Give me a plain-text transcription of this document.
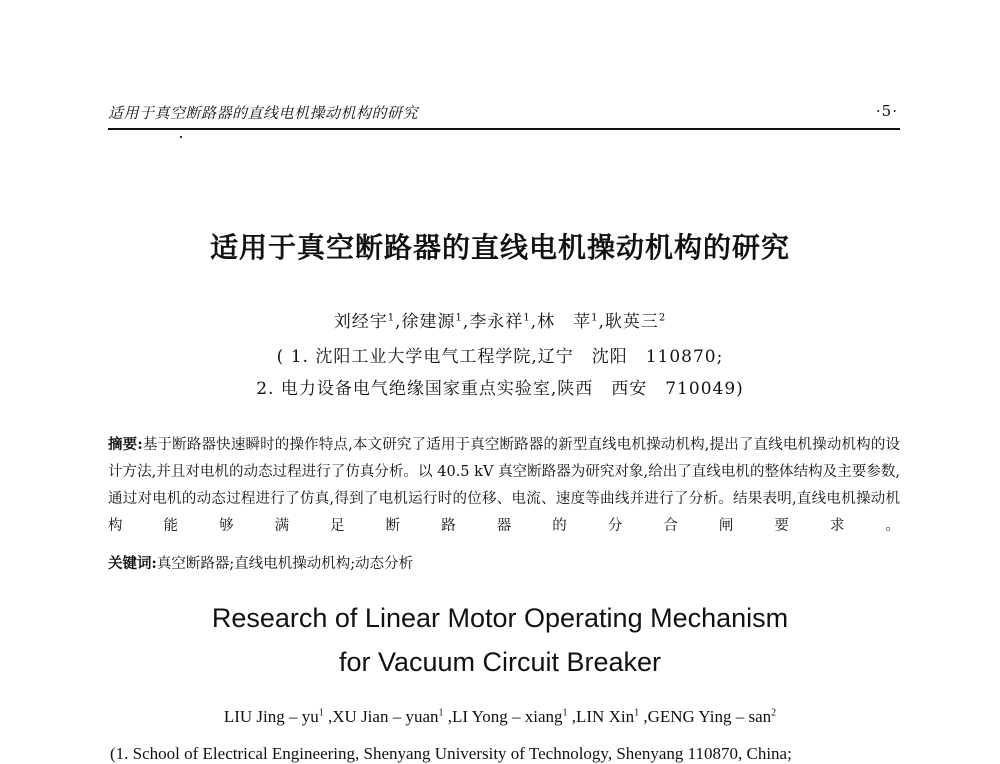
适用于真空断路器的直线电机操动机构的研究	·5·
适用于真空断路器的直线电机操动机构的研究
刘经宇$^1$,徐建源$^1$,李永祥$^1$,林　苹$^1$,耿英三$^2$
( 1. 沈阳工业大学电气工程学院,辽宁　沈阳　110870;
2. 电力设备电气绝缘国家重点实验室,陕西　西安　710049)
摘要:基于断路器快速瞬时的操作特点,本文研究了适用于真空断路器的新型直线电机操动机构,提出了直线电机操动机构的设计方法,并且对电机的动态过程进行了仿真分析。以 40.5 kV 真空断路器为研究对象,给出了直线电机的整体结构及主要参数,通过对电机的动态过程进行了仿真,得到了电机运行时的位移、电流、速度等曲线并进行了分析。结果表明,直线电机操动机构能够满足断路器的分合闸要求。
关键词:真空断路器;直线电机操动机构;动态分析
Research of Linear Motor Operating Mechanism
for Vacuum Circuit Breaker
LIU Jing – $yu^1$ ,XU Jian – yuan$^1$ ,LI Yong – xiang$^1$ ,LIN Xin$^1$ ,GENG Ying – san$^2$
(1. School of Electrical Engineering, Shenyang University of Technology, Shenyang 110870, China;
